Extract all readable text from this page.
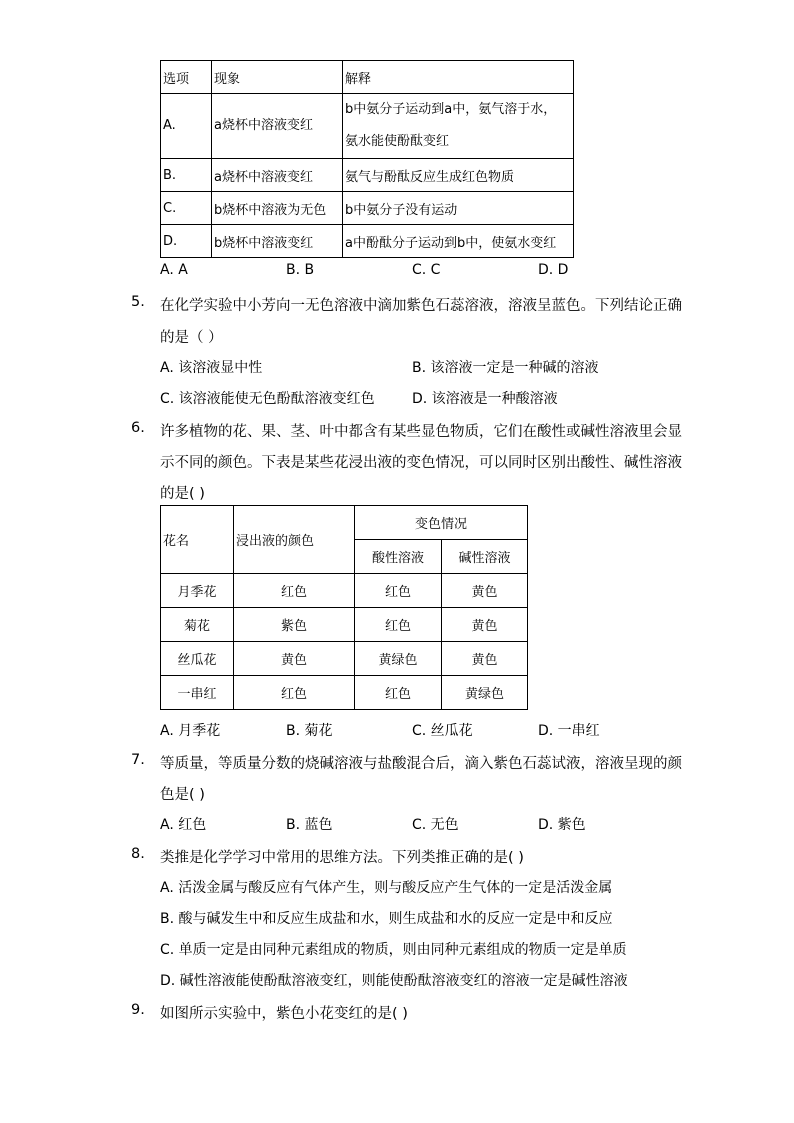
选项	现象	解释
A.	a烧杯中溶液变红	b中氨分子运动到a中，氨气溶于水，
氨水能使酚酞变红

B.	a烧杯中溶液变红	氨气与酚酞反应生成红色物质
C.	b烧杯中溶液为无色	b中氨分子没有运动
D.	b烧杯中溶液变红	a中酚酞分子运动到b中，使氨水变红
A. A	B. B	C. C	D. D
5. 在化学实验中小芳向一无色溶液中滴加紫色石蕊溶液，溶液呈蓝色。下列结论正确
的是（ ）
A. 该溶液显中性	B. 该溶液一定是一种碱的溶液
C. 该溶液能使无色酚酞溶液变红色	D. 该溶液是一种酸溶液
6. 许多植物的花、果、茎、叶中都含有某些显色物质，它们在酸性或碱性溶液里会显
示不同的颜色。下表是某些花浸出液的变色情况，可以同时区别出酸性、碱性溶液
的是( )
花名	浸出液的颜色	变色情况	
		酸性溶液	碱性溶液
月季花	红色	红色	黄色
菊花	紫色	红色	黄色
丝瓜花	黄色	黄绿色	黄色
一串红	红色	红色	黄绿色
A. 月季花	B. 菊花	C. 丝瓜花	D. 一串红
7. 等质量，等质量分数的烧碱溶液与盐酸混合后，滴入紫色石蕊试液，溶液呈现的颜
色是( )
A. 红色	B. 蓝色	C. 无色	D. 紫色
8. 类推是化学学习中常用的思维方法。下列类推正确的是( )
A. 活泼金属与酸反应有气体产生，则与酸反应产生气体的一定是活泼金属
B. 酸与碱发生中和反应生成盐和水，则生成盐和水的反应一定是中和反应
C. 单质一定是由同种元素组成的物质，则由同种元素组成的物质一定是单质
D. 碱性溶液能使酚酞溶液变红，则能使酚酞溶液变红的溶液一定是碱性溶液
9. 如图所示实验中，紫色小花变红的是( )
